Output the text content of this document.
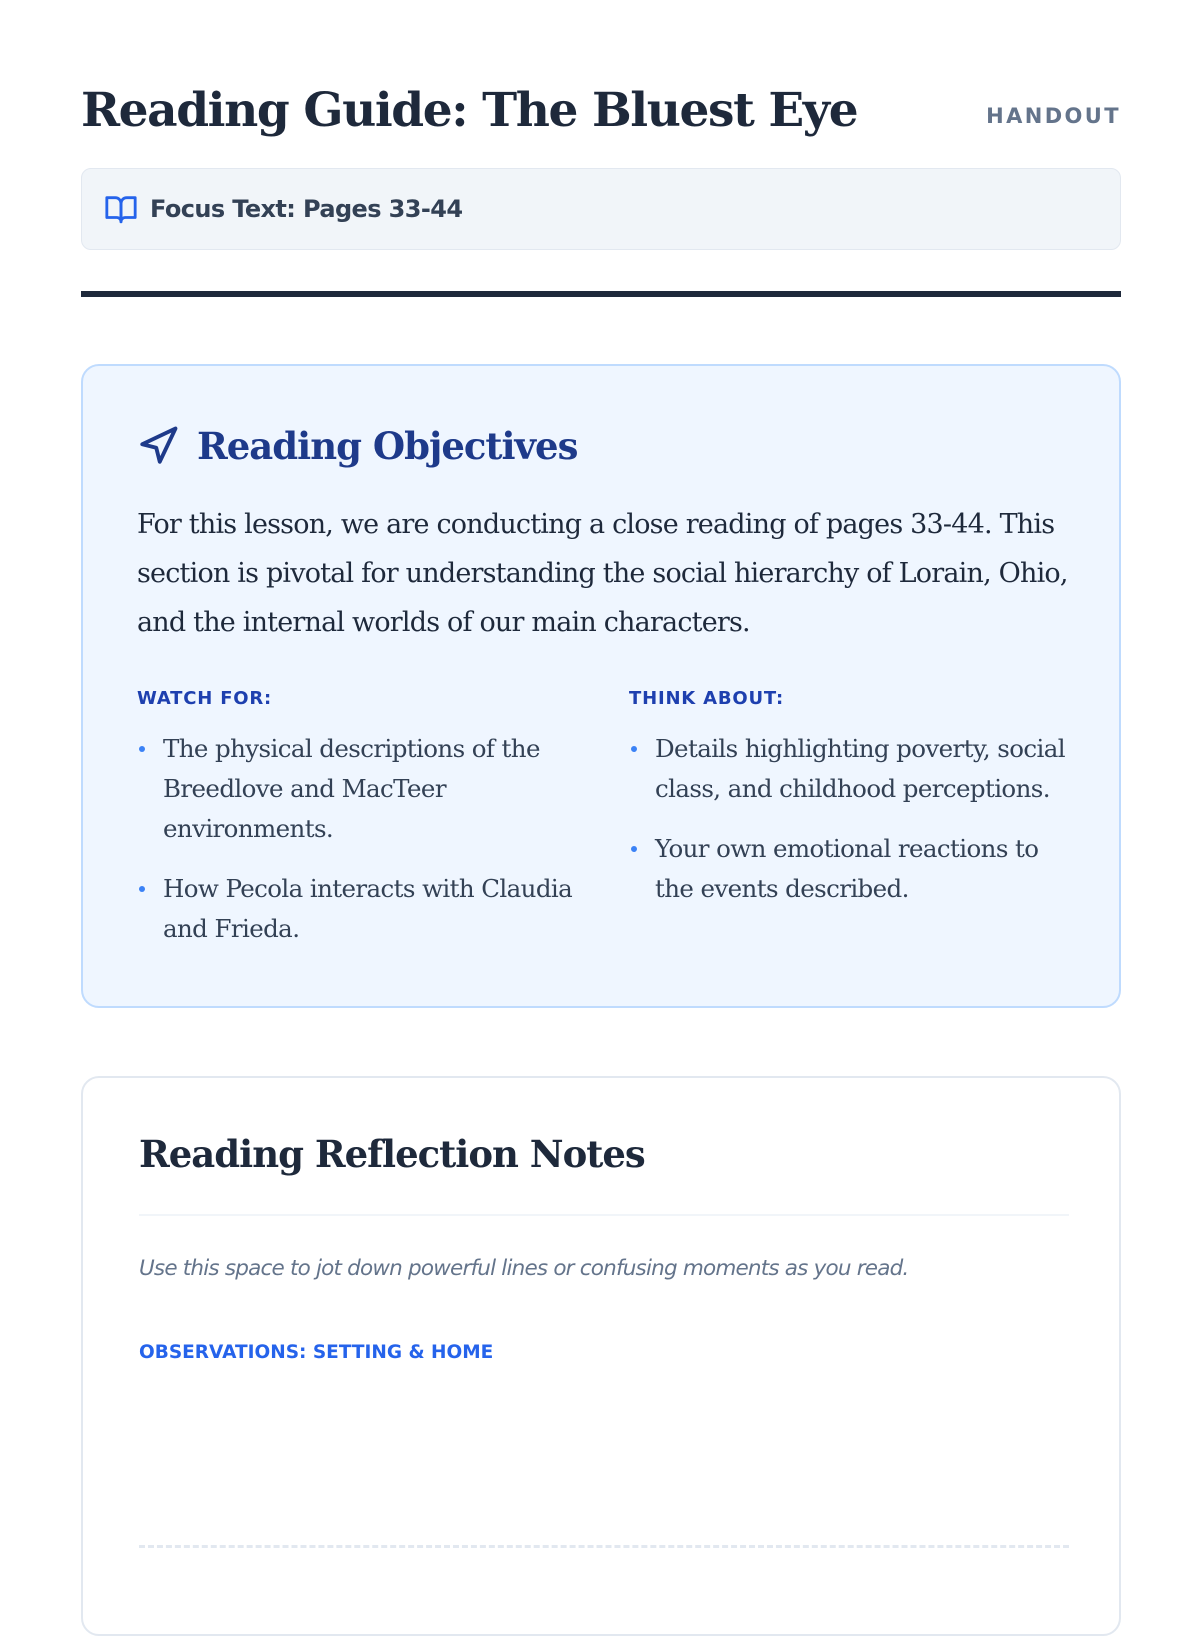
Reading Guide: The Bluest Eye	HANDOUT
Focus Text: Pages 33-44
Reading Objectives

For this lesson, we are conducting a close reading of pages 33-44. This section is pivotal for understanding the social hierarchy of Lorain, Ohio, and the internal worlds of our main characters.

WATCH FOR:
The physical descriptions of the Breedlove and MacTeer environments.
How Pecola interacts with Claudia and Frieda.
THINK ABOUT:
Details highlighting poverty, social class, and childhood perceptions.
Your own emotional reactions to the events described.
Reading Reflection Notes

Use this space to jot down powerful lines or confusing moments as you read.

OBSERVATIONS: SETTING & HOME
